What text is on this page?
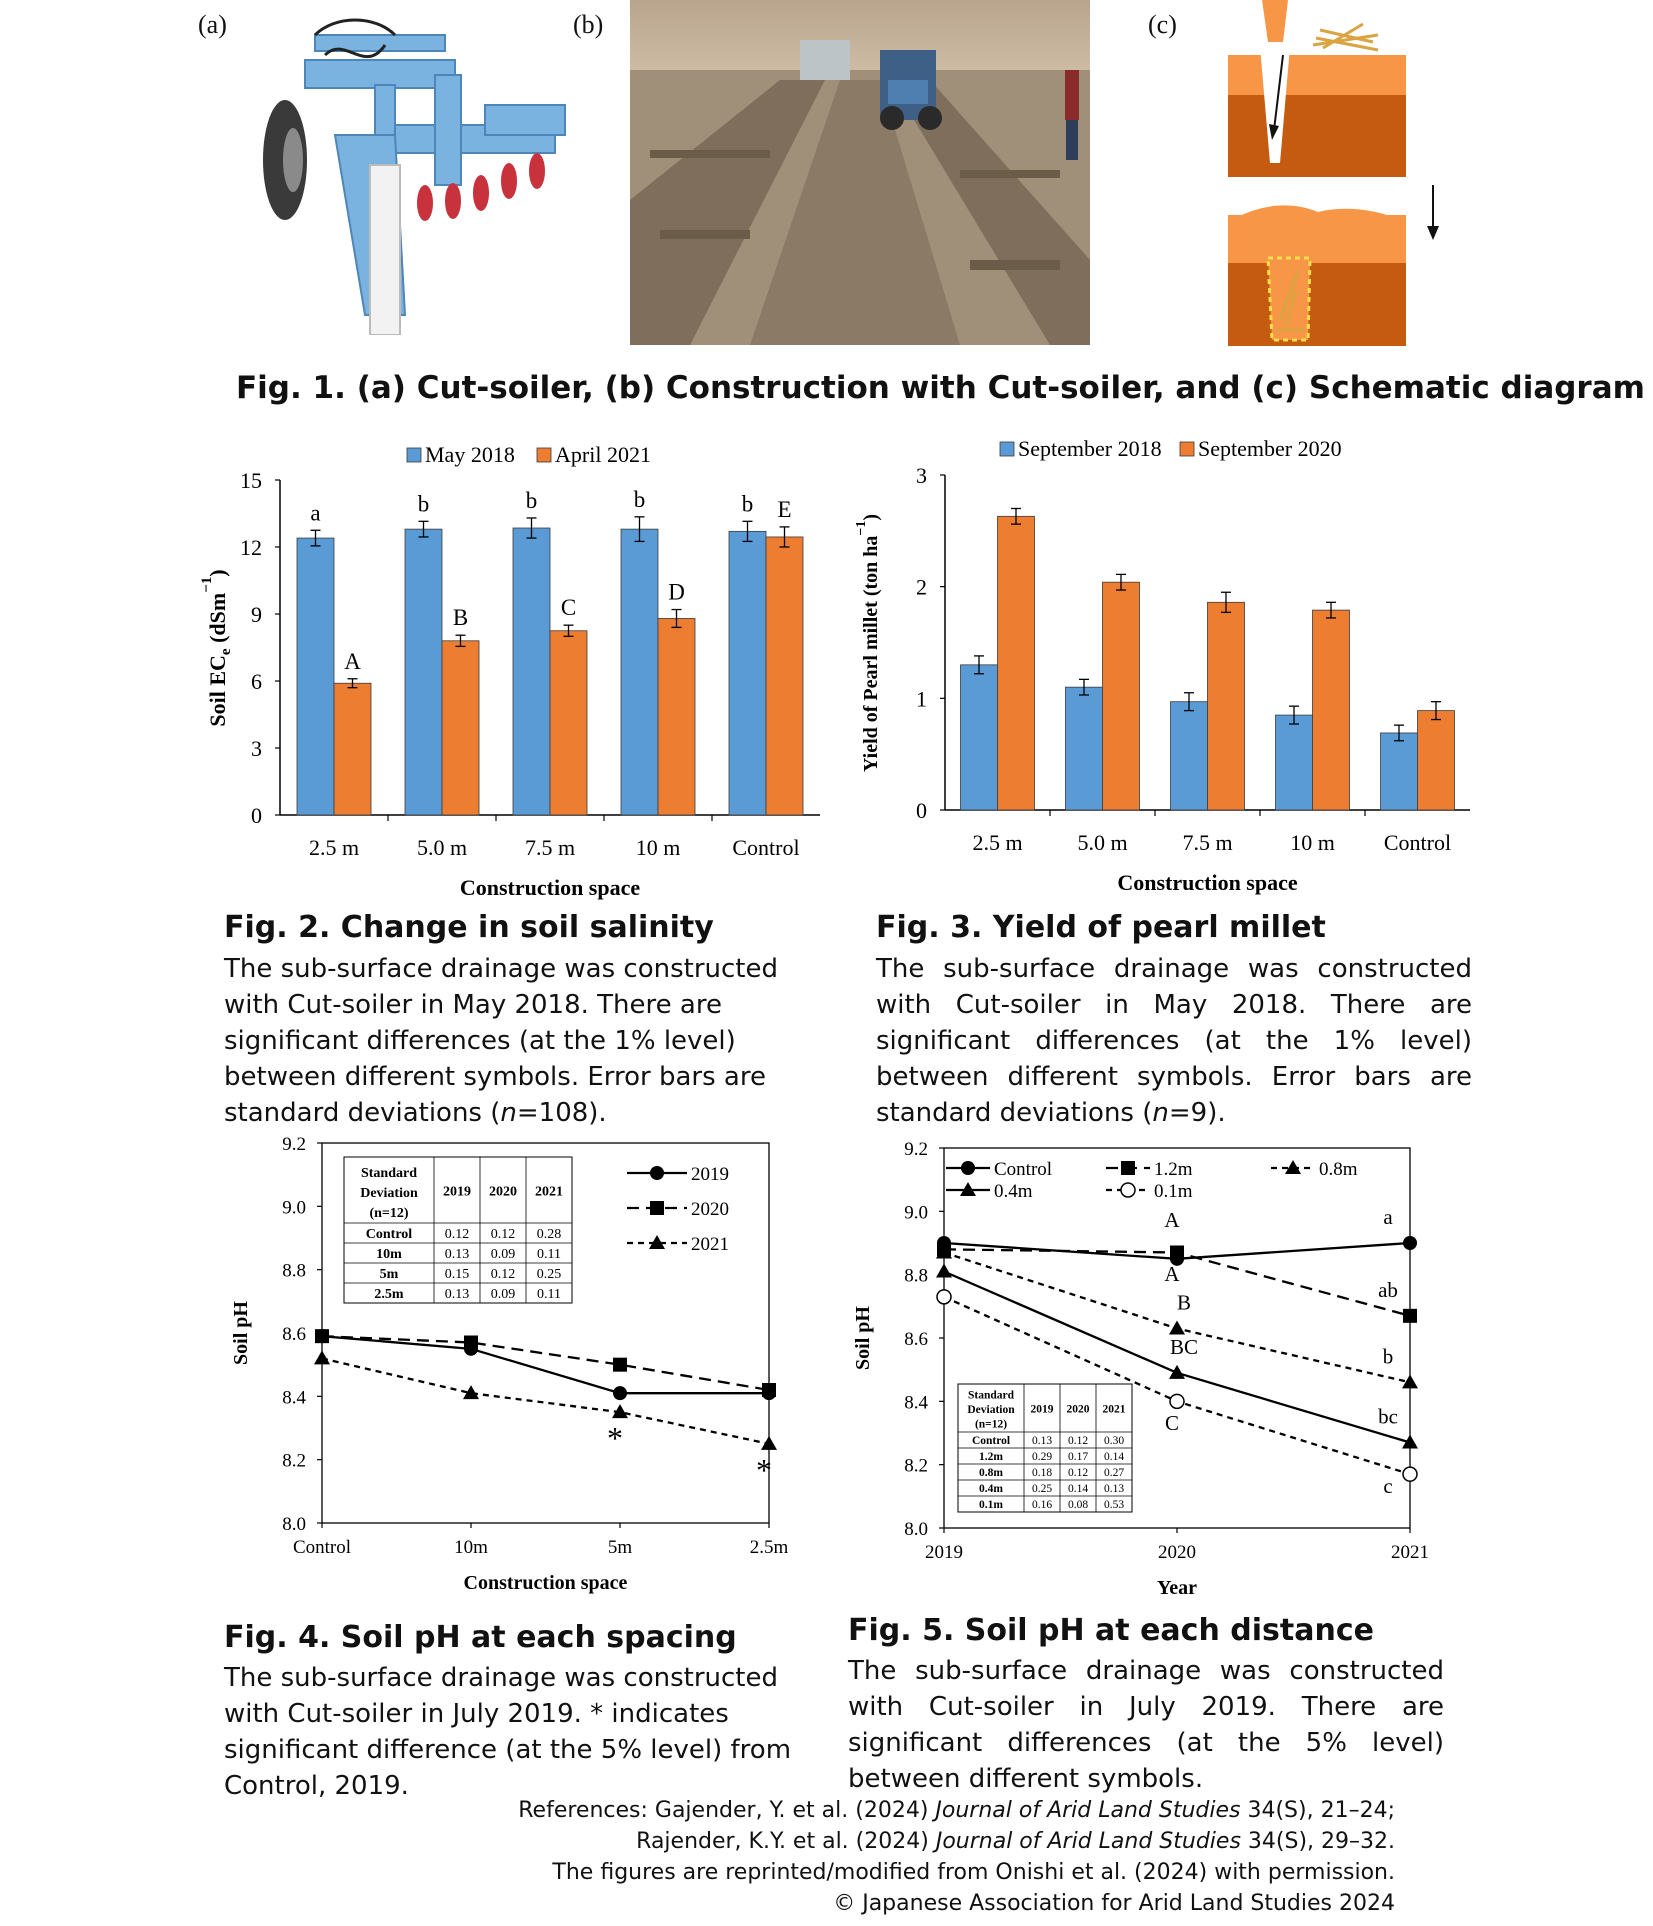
(a)	(b)	(c)
Fig. 1. (a) Cut-soiler, (b) Construction with Cut-soiler, and (c) Schematic diagram
0
3
6
9
12
15
2.5 m
a
A
5.0 m
b
B
7.5 m
b
C
10 m
b
D
Control
b E
May 2018 April 2021
Construction space
Soil $EC_e$ (dSm$^{-1}$)
Fig. 2. Change in soil salinity
The sub-surface drainage was constructed with Cut-soiler in May 2018. There are significant differences (at the 1% level) between different symbols. Error bars are standard deviations (n=108).
0
1
2
3
2.5 m 5.0 m 7.5 m	10 m Control
September 2018 September 2020
Construction space
Yield of Pearl millet (ton $ha^{-1}$)
Fig. 3. Yield of pearl millet
The sub-surface drainage was constructed with Cut-soiler in May 2018. There are significant differences (at the 1% level) between different symbols. Error bars are standard deviations (n=9).
8.0
8.2
8.4
8.6
8.8
9.0
9.2
Control	10m	5m	2.5m
Construction space
Soil pH
*
*
2019
2020
2021
Standard
Deviation
(n=12)
2019 2020 2021
Control 0.12 0.12 0.28
10m	0.13 0.09 0.11
5m	0.15 0.12 0.25
2.5m	0.13 0.09 0.11
Fig. 4. Soil pH at each spacing
The sub-surface drainage was constructed with Cut-soiler in July 2019. * indicates significant difference (at the 5% level) from Control, 2019.
8.0
8.2
8.4
8.6
8.8
9.0
9.2
2019	2020	2021
Year
Soil pH
A
A
B
BC
C
a
ab
b
bc
c
Control	1.2m	0.8m
0.4m	0.1m
Standard
Deviation
(n=12)
2019 2020 2021
Control 0.13 0.12 0.30
1.2m	0.29 0.17 0.14
0.8m	0.18 0.12 0.27
0.4m	0.25 0.14 0.13
0.1m	0.16 0.08 0.53
Fig. 5. Soil pH at each distance
The sub-surface drainage was constructed with Cut-soiler in July 2019. There are significant differences (at the 5% level) between different symbols.
References: Gajender, Y. et al. (2024) Journal of Arid Land Studies 34(S), 21–24;
Rajender, K.Y. et al. (2024) Journal of Arid Land Studies 34(S), 29–32.
The figures are reprinted/modified from Onishi et al. (2024) with permission.
© Japanese Association for Arid Land Studies 2024
